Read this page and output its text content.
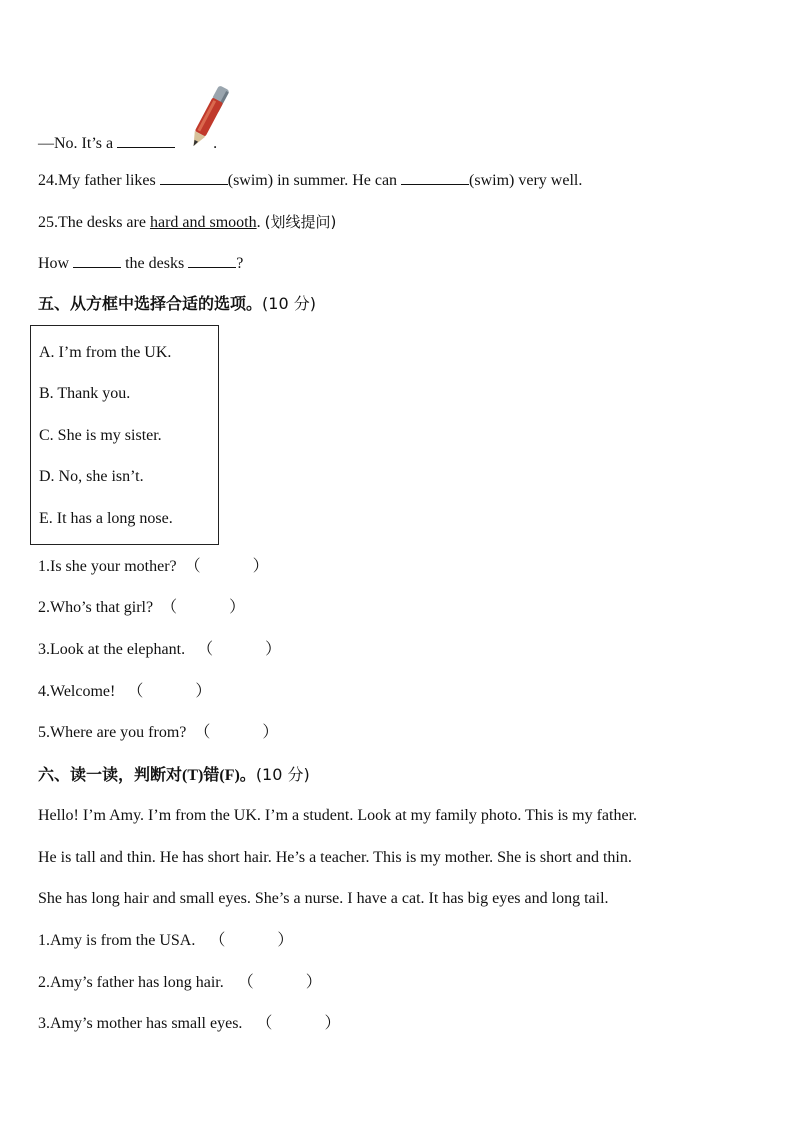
—No. It’s a	.
24.My father likes	(swim) in summer. He can	(swim) very well.
25.The desks are hard and smooth. (划线提问)
How	the desks	?
五、从方框中选择合适的选项。(10 分)
A. I’m from the UK.
B. Thank you.
C. She is my sister.
D. No, she isn’t.
E. It has a long nose.
1.Is she your mother? （	）
2.Who’s that girl? （	）
3.Look at the elephant. （	）
4.Welcome! （	）
5.Where are you from? （	）
六、读一读，判断对(T)错(F)。(10 分)
Hello! I’m Amy. I’m from the UK. I’m a student. Look at my family photo. This is my father.
He is tall and thin. He has short hair. He’s a teacher. This is my mother. She is short and thin.
She has long hair and small eyes. She’s a nurse. I have a cat. It has big eyes and long tail.
1.Amy is from the USA. （	）
2.Amy’s father has long hair. （	）
3.Amy’s mother has small eyes. （	）
